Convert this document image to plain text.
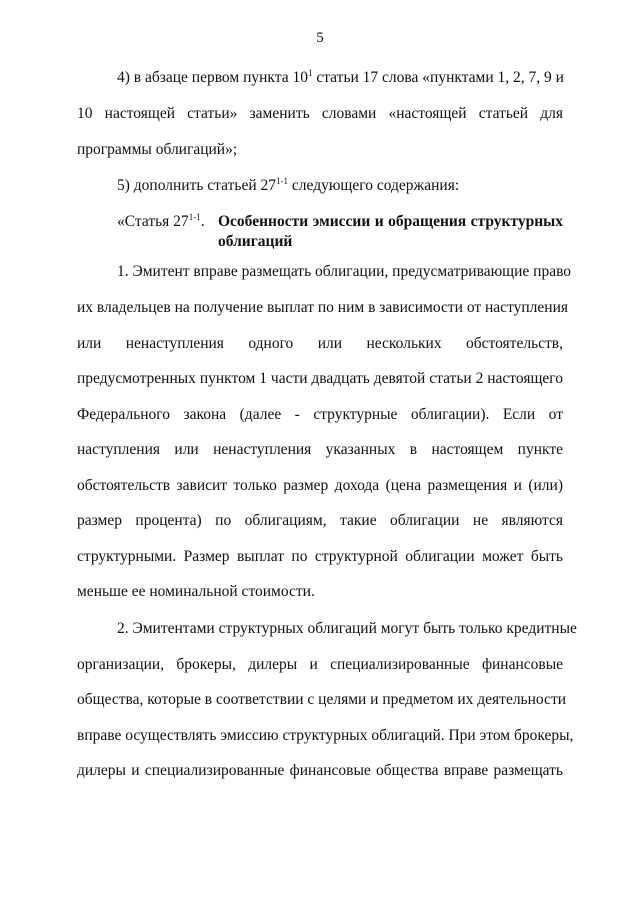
5
4) в абзаце первом пункта $10^1$ статьи 17 слова «пунктами 1, 2, 7, 9 и
10 настоящей статьи» заменить словами «настоящей статьей для
программы облигаций»;
5) дополнить статьей 27$^{1-1}$ следующего содержания:
«Статья 27$^{1-1}$. Особенности эмиссии и обращения структурных
облигаций
1. Эмитент вправе размещать облигации, предусматривающие право
их владельцев на получение выплат по ним в зависимости от наступления
или ненаступления одного или нескольких обстоятельств,
предусмотренных пунктом 1 части двадцать девятой статьи 2 настоящего
Федерального закона (далее - структурные облигации). Если от
наступления или ненаступления указанных в настоящем пункте
обстоятельств зависит только размер дохода (цена размещения и (или)
размер процента) по облигациям, такие облигации не являются
структурными. Размер выплат по структурной облигации может быть
меньше ее номинальной стоимости.
2. Эмитентами структурных облигаций могут быть только кредитные
организации, брокеры, дилеры и специализированные финансовые
общества, которые в соответствии с целями и предметом их деятельности
вправе осуществлять эмиссию структурных облигаций. При этом брокеры,
дилеры и специализированные финансовые общества вправе размещать
